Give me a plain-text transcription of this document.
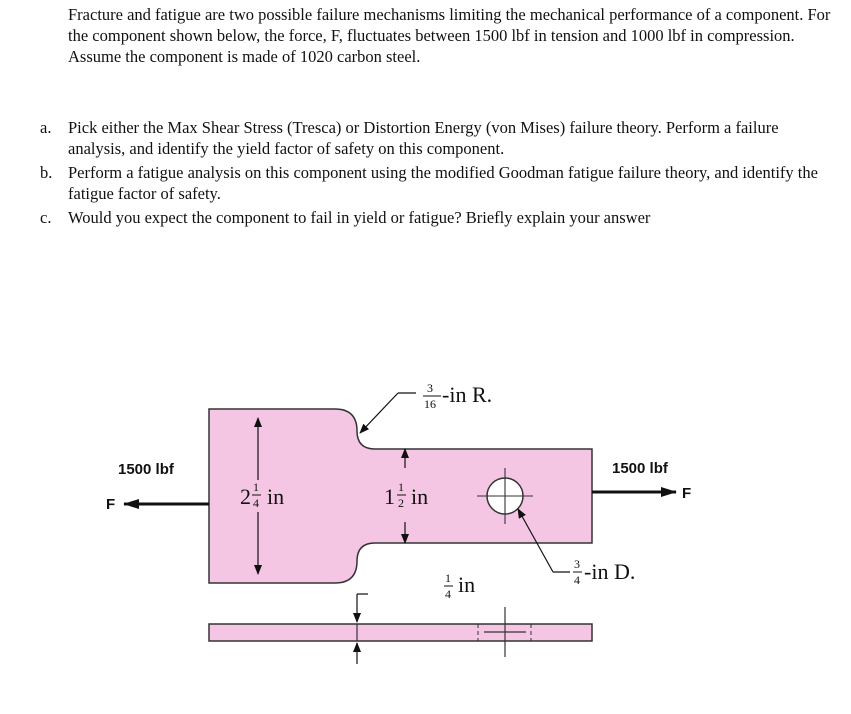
Fracture and fatigue are two possible failure mechanisms limiting the mechanical performance of a component. For the component shown below, the force, F, fluctuates between 1500 lbf in tension and 1000 lbf in compression. Assume the component is made of 1020 carbon steel.

a. Pick either the Max Shear Stress (Tresca) or Distortion Energy (von Mises) failure theory. Perform a failure analysis, and identify the yield factor of safety on this component.
b. Perform a fatigue analysis on this component using the modified Goodman fatigue failure theory, and identify the fatigue factor of safety.
c. Would you expect the component to fail in yield or fatigue? Briefly explain your answer
1500 lbf
F
1500 lbf
F
2 1
4 in	1 1
2 in
3
16 -in R.
3
4 -in D.
1
4 in
